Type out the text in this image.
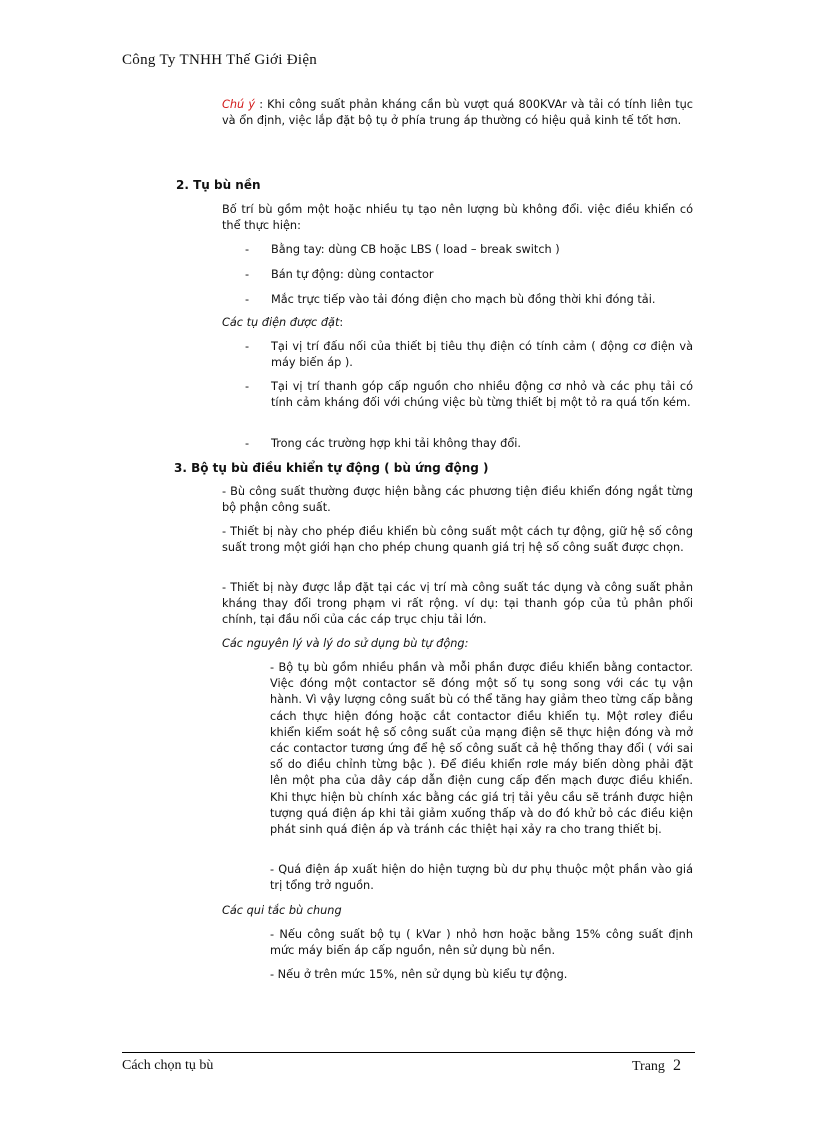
Công Ty TNHH Thế Giới Điện
Chú ý : Khi công suất phản kháng cần bù vượt quá 800KVAr và tải có tính liên tục và ổn định, việc lắp đặt bộ tụ ở phía trung áp thường có hiệu quả kinh tế tốt hơn.
2. Tụ bù nền
Bố trí bù gồm một hoặc nhiều tụ tạo nên lượng bù không đổi. việc điều khiển có thể thực hiện:
-	Bằng tay: dùng CB hoặc LBS ( load – break switch )
-	Bán tự động: dùng contactor
-	Mắc trực tiếp vào tải đóng điện cho mạch bù đồng thời khi đóng tải.
Các tụ điện được đặt:
-	Tại vị trí đấu nối của thiết bị tiêu thụ điện có tính cảm ( động cơ điện và máy biến áp ).
-	Tại vị trí thanh góp cấp nguồn cho nhiều động cơ nhỏ và các phụ tải có tính cảm kháng đối với chúng việc bù từng thiết bị một tỏ ra quá tốn kém.
-	Trong các trường hợp khi tải không thay đổi.
3. Bộ tụ bù điều khiển tự động ( bù ứng động )
- Bù công suất thường được hiện bằng các phương tiện điều khiển đóng ngắt từng bộ phận công suất.
- Thiết bị này cho phép điều khiển bù công suất một cách tự động, giữ hệ số công suất trong một giới hạn cho phép chung quanh giá trị hệ số công suất được chọn.
- Thiết bị này được lắp đặt tại các vị trí mà công suất tác dụng và công suất phản kháng thay đổi trong phạm vi rất rộng. ví dụ: tại thanh góp của tủ phân phối chính, tại đầu nối của các cáp trục chịu tải lớn.
Các nguyên lý và lý do sử dụng bù tự động:
- Bộ tụ bù gồm nhiều phần và mỗi phần được điều khiển bằng contactor. Việc đóng một contactor sẽ đóng một số tụ song song với các tụ vận hành. Vì vậy lượng công suất bù có thể tăng hay giảm theo từng cấp bằng cách thực hiện đóng hoặc cắt contactor điều khiển tụ. Một rơley điều khiển kiểm soát hệ số công suất của mạng điện sẽ thực hiện đóng và mở các contactor tương ứng để hệ số công suất cả hệ thống thay đổi ( với sai số do điều chỉnh từng bậc ). Để điều khiển rơle máy biến dòng phải đặt lên một pha của dây cáp dẫn điện cung cấp đến mạch được điều khiển. Khi thực hiện bù chính xác bằng các giá trị tải yêu cầu sẽ tránh được hiện tượng quá điện áp khi tải giảm xuống thấp và do đó khử bỏ các điều kiện phát sinh quá điện áp và tránh các thiệt hại xảy ra cho trang thiết bị.
- Quá điện áp xuất hiện do hiện tượng bù dư phụ thuộc một phần vào giá trị tổng trở nguồn.
Các qui tắc bù chung
- Nếu công suất bộ tụ ( kVar ) nhỏ hơn hoặc bằng 15% công suất định mức máy biến áp cấp nguồn, nên sử dụng bù nền.
- Nếu ở trên mức 15%, nên sử dụng bù kiểu tự động.
Cách chọn tụ bù	Trang 2
